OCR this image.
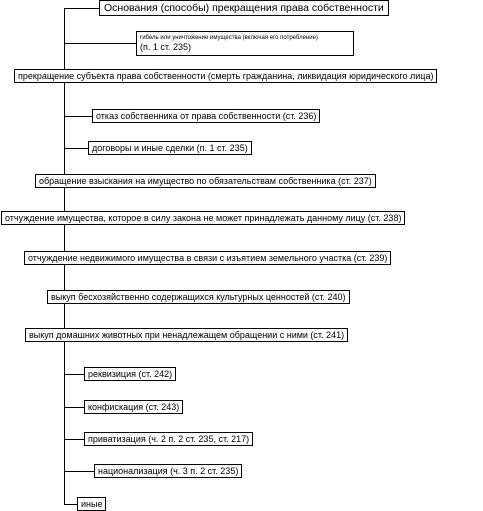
Основания (способы) прекращения права собственности
гибель или уничтожение имущества (включая его потребление)
(п. 1 ст. 235)
прекращение субъекта права собственности (смерть гражданина, ликвидация юридического лица)
отказ собственника от права собственности (ст. 236)
договоры и иные сделки (п. 1 ст. 235)
обращение взыскания на имущество по обязательствам собственника (ст. 237)
отчуждение имущества, которое в силу закона не может принадлежать данному лицу (ст. 238)
отчуждение недвижимого имущества в связи с изъятием земельного участка (ст. 239)
выкуп бесхозяйственно содержащихся культурных ценностей (ст. 240)
выкуп домашних животных при ненадлежащем обращении с ними (ст. 241)
реквизиция (ст. 242)
конфискация (ст. 243)
приватизация (ч. 2 п. 2 ст. 235, ст. 217)
национализация (ч. 3 п. 2 ст. 235)
иные
